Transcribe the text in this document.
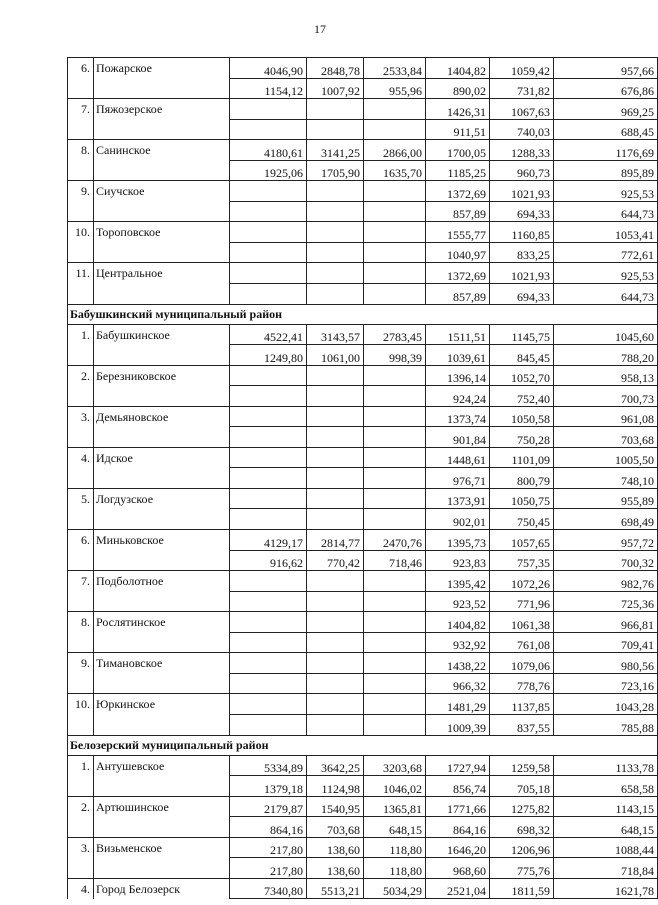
17
6.	Пожарское	4046,90	2848,78	2533,84	1404,82	1059,42	957,66
		1154,12	1007,92	955,96	890,02	731,82	676,86
7.	Пяжозерское				1426,31	1067,63	969,25
					911,51	740,03	688,45
8.	Санинское	4180,61	3141,25	2866,00	1700,05	1288,33	1176,69
		1925,06	1705,90	1635,70	1185,25	960,73	895,89
9.	Сиучское				1372,69	1021,93	925,53
					857,89	694,33	644,73
10.	Тороповское				1555,77	1160,85	1053,41
					1040,97	833,25	772,61
11.	Центральное				1372,69	1021,93	925,53
					857,89	694,33	644,73
Бабушкинский муниципальный район							
1.	Бабушкинское	4522,41	3143,57	2783,45	1511,51	1145,75	1045,60
		1249,80	1061,00	998,39	1039,61	845,45	788,20
2.	Березниковское				1396,14	1052,70	958,13
					924,24	752,40	700,73
3.	Демьяновское				1373,74	1050,58	961,08
					901,84	750,28	703,68
4.	Идское				1448,61	1101,09	1005,50
					976,71	800,79	748,10
5.	Логдузское				1373,91	1050,75	955,89
					902,01	750,45	698,49
6.	Миньковское	4129,17	2814,77	2470,76	1395,73	1057,65	957,72
		916,62	770,42	718,46	923,83	757,35	700,32
7.	Подболотное				1395,42	1072,26	982,76
					923,52	771,96	725,36
8.	Рослятинское				1404,82	1061,38	966,81
					932,92	761,08	709,41
9.	Тимановское				1438,22	1079,06	980,56
					966,32	778,76	723,16
10.	Юркинское				1481,29	1137,85	1043,28
					1009,39	837,55	785,88
Белозерский муниципальный район							
1.	Антушевское	5334,89	3642,25	3203,68	1727,94	1259,58	1133,78
		1379,18	1124,98	1046,02	856,74	705,18	658,58
2.	Артюшинское	2179,87	1540,95	1365,81	1771,66	1275,82	1143,15
		864,16	703,68	648,15	864,16	698,32	648,15
3.	Визьменское	217,80	138,60	118,80	1646,20	1206,96	1088,44
		217,80	138,60	118,80	968,60	775,76	718,84
4.	Город Белозерск	7340,80	5513,21	5034,29	2521,04	1811,59	1621,78
